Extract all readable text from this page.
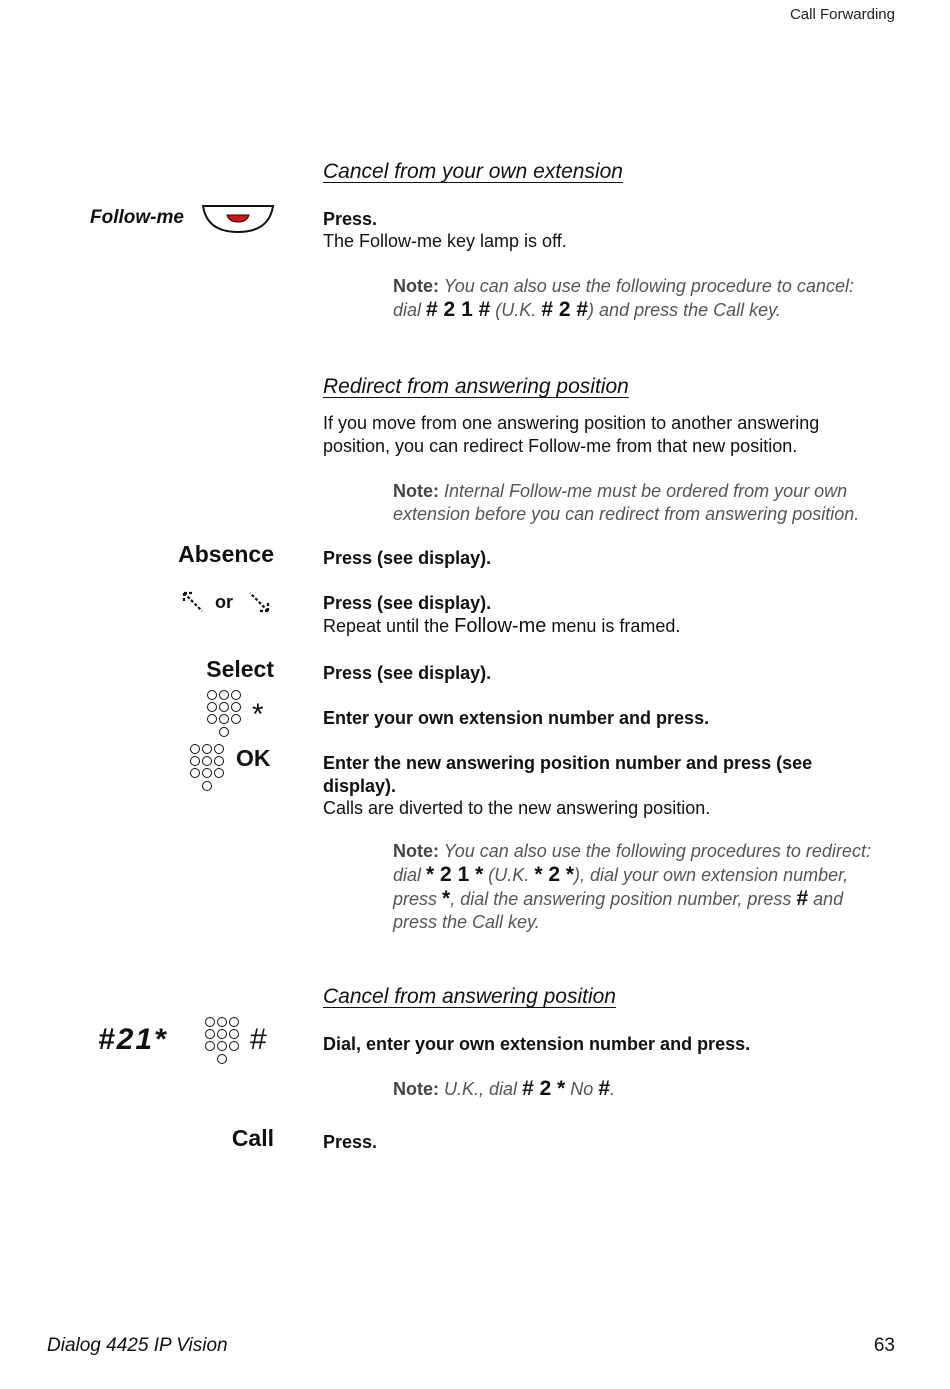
Call Forwarding
Cancel from your own extension
Follow-me	Press.
The Follow-me key lamp is off.
Note: You can also use the following procedure to cancel:
dial # 2 1 # (U.K. # 2 #) and press the Call key.
Redirect from answering position
If you move from one answering position to another answering
position, you can redirect Follow-me from that new position.
Note: Internal Follow-me must be ordered from your own
extension before you can redirect from answering position.
Absence	Press (see display).
or	Press (see display).
Repeat until the Follow-me menu is framed.
Select	Press (see display).
*	Enter your own extension number and press.
OK	Enter the new answering position number and press (see
display).
Calls are diverted to the new answering position.
Note: You can also use the following procedures to redirect:
dial * 2 1 * (U.K. * 2 *), dial your own extension number,
press *, dial the answering position number, press # and
press the Call key.
Cancel from answering position
#21*	#	Dial, enter your own extension number and press.
Note: U.K., dial # 2 * No #.
Call	Press.
Dialog 4425 IP Vision	63
